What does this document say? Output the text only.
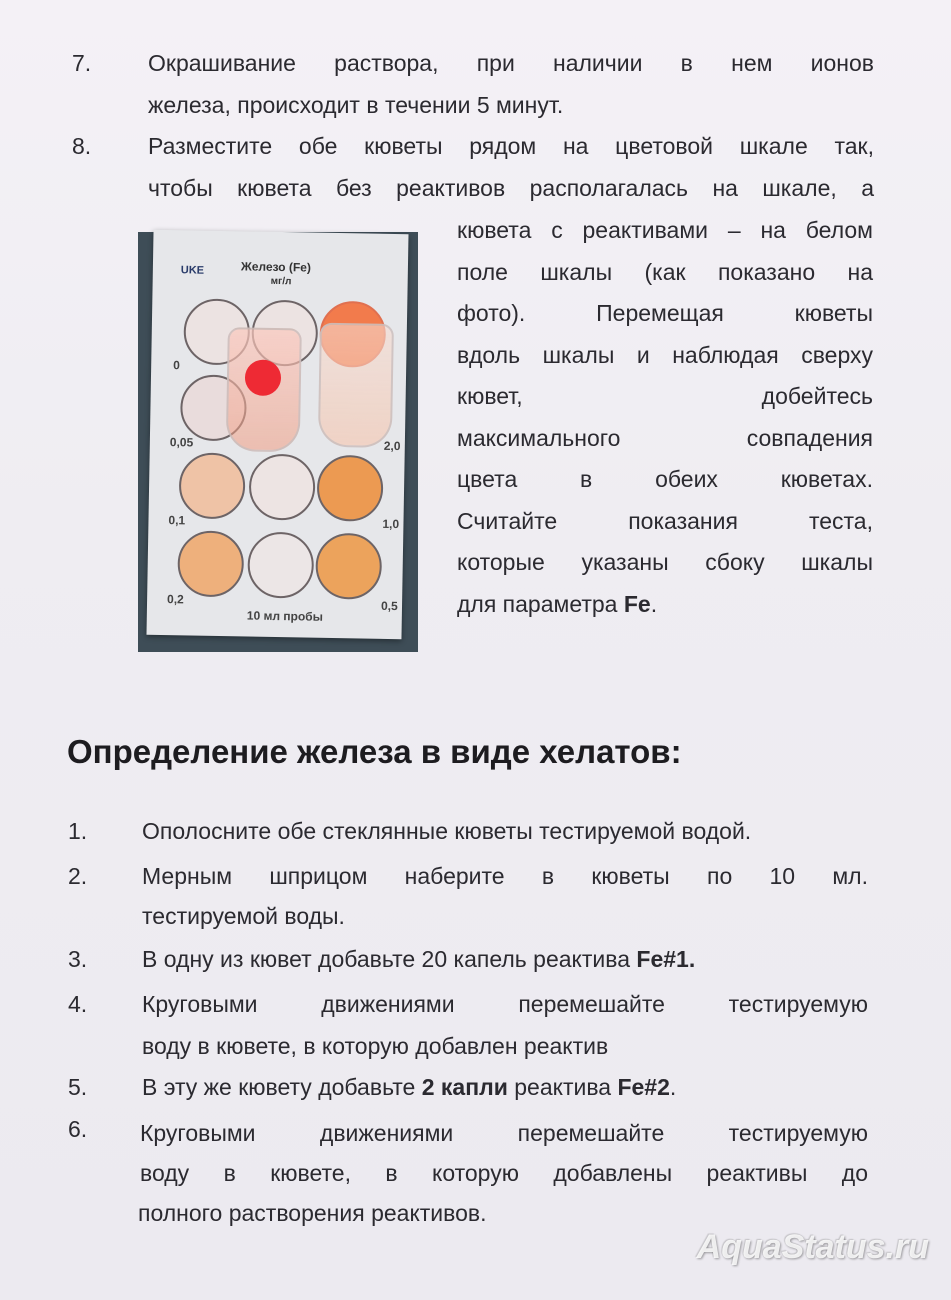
7. Окрашивание раствора, при наличии в нем ионов
железа, происходит в течении 5 минут.
8. Разместите обе кюветы рядом на цветовой шкале так,
чтобы кювета без реактивов располагалась на шкале, а
кювета с реактивами – на белом
поле шкалы (как показано на
фото). Перемещая кюветы
вдоль шкалы и наблюдая сверху
кювет, добейтесь
максимального совпадения
цвета в обеих кюветах.
Считайте показания теста,
которые указаны сбоку шкалы
для параметра Fe.
UKE	Железо (Fe)
мг/л
0
0,05
0,1
0,2
2,0
1,0
0,5
10 мл пробы
Определение железа в виде хелатов:
1. Ополосните обе стеклянные кюветы тестируемой водой.
2. Мерным шприцом наберите в кюветы по 10 мл.
тестируемой воды.
3. В одну из кювет добавьте 20 капель реактива Fe#1.
4. Круговыми движениями перемешайте тестируемую
воду в кювете, в которую добавлен реактив
5. В эту же кювету добавьте 2 капли реактива Fe#2.
6. Круговыми движениями перемешайте тестируемую
воду в кювете, в которую добавлены реактивы до
полного растворения реактивов.
AquaStatus.ru
